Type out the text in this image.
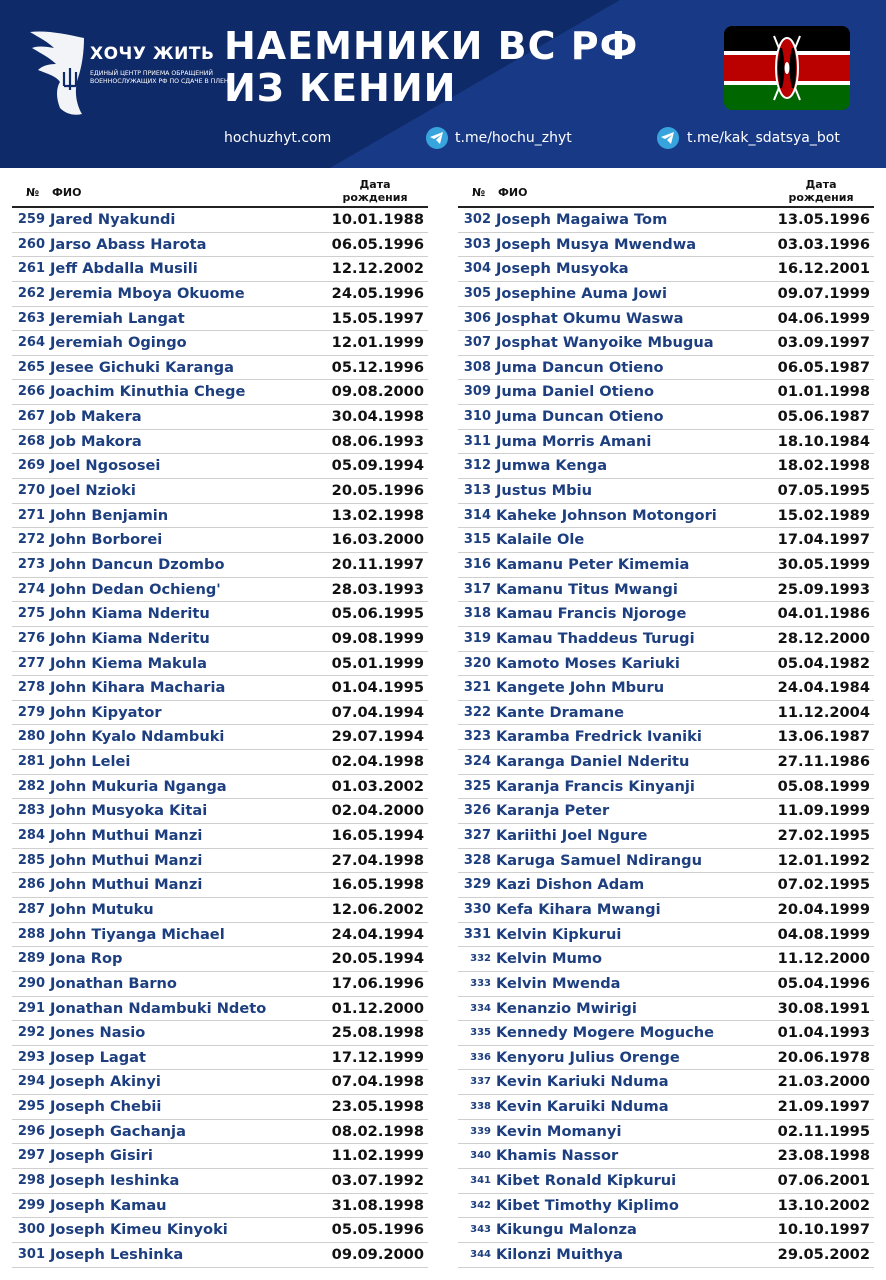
ХОЧУ ЖИТЬ
ЕДИНЫЙ ЦЕНТР ПРИЕМА ОБРАЩЕНИЙ ВОЕННОСЛУЖАЩИХ РФ ПО СДАЧЕ В ПЛЕН
НАЕМНИКИ ВС РФ
ИЗ КЕНИИ
hochuzhyt.com	t.me/hochu_zhyt	t.me/kak_sdatsya_bot
№ ФИО
Дата рождения
259 Jared Nyakundi	10.01.1988
260 Jarso Abass Harota	06.05.1996
261 Jeff Abdalla Musili	12.12.2002
262 Jeremia Mboya Okuome	24.05.1996
263 Jeremiah Langat	15.05.1997
264 Jeremiah Ogingo	12.01.1999
265 Jesee Gichuki Karanga	05.12.1996
266 Joachim Kinuthia Chege	09.08.2000
267 Job Makera	30.04.1998
268 Job Makora	08.06.1993
269 Joel Ngososei	05.09.1994
270 Joel Nzioki	20.05.1996
271 John Benjamin	13.02.1998
272 John Borborei	16.03.2000
273 John Dancun Dzombo	20.11.1997
274 John Dedan Ochieng'	28.03.1993
275 John Kiama Nderitu	05.06.1995
276 John Kiama Nderitu	09.08.1999
277 John Kiema Makula	05.01.1999
278 John Kihara Macharia	01.04.1995
279 John Kipyator	07.04.1994
280 John Kyalo Ndambuki	29.07.1994
281 John Lelei	02.04.1998
282 John Mukuria Nganga	01.03.2002
283 John Musyoka Kitai	02.04.2000
284 John Muthui Manzi	16.05.1994
285 John Muthui Manzi	27.04.1998
286 John Muthui Manzi	16.05.1998
287 John Mutuku	12.06.2002
288 John Tiyanga Michael	24.04.1994
289 Jona Rop	20.05.1994
290 Jonathan Barno	17.06.1996
291 Jonathan Ndambuki Ndeto	01.12.2000
292 Jones Nasio	25.08.1998
293 Josep Lagat	17.12.1999
294 Joseph Akinyi	07.04.1998
295 Joseph Chebii	23.05.1998
296 Joseph Gachanja	08.02.1998
297 Joseph Gisiri	11.02.1999
298 Joseph Ieshinka	03.07.1992
299 Joseph Kamau	31.08.1998
300 Joseph Kimeu Kinyoki	05.05.1996
301 Joseph Leshinka	09.09.2000
№ ФИО
Дата рождения
302 Joseph Magaiwa Tom	13.05.1996
303 Joseph Musya Mwendwa	03.03.1996
304 Joseph Musyoka	16.12.2001
305 Josephine Auma Jowi	09.07.1999
306 Josphat Okumu Waswa	04.06.1999
307 Josphat Wanyoike Mbugua	03.09.1997
308 Juma Dancun Otieno	06.05.1987
309 Juma Daniel Otieno	01.01.1998
310 Juma Duncan Otieno	05.06.1987
311 Juma Morris Amani	18.10.1984
312 Jumwa Kenga	18.02.1998
313 Justus Mbiu	07.05.1995
314 Kaheke Johnson Motongori	15.02.1989
315 Kalaile Ole	17.04.1997
316 Kamanu Peter Kimemia	30.05.1999
317 Kamanu Titus Mwangi	25.09.1993
318 Kamau Francis Njoroge	04.01.1986
319 Kamau Thaddeus Turugi	28.12.2000
320 Kamoto Moses Kariuki	05.04.1982
321 Kangete John Mburu	24.04.1984
322 Kante Dramane	11.12.2004
323 Karamba Fredrick Ivaniki	13.06.1987
324 Karanga Daniel Nderitu	27.11.1986
325 Karanja Francis Kinyanji	05.08.1999
326 Karanja Peter	11.09.1999
327 Kariithi Joel Ngure	27.02.1995
328 Karuga Samuel Ndirangu	12.01.1992
329 Kazi Dishon Adam	07.02.1995
330 Kefa Kihara Mwangi	20.04.1999
331 Kelvin Kipkurui	04.08.1999
332 Kelvin Mumo	11.12.2000
333 Kelvin Mwenda	05.04.1996
334 Kenanzio Mwirigi	30.08.1991
335 Kennedy Mogere Moguche	01.04.1993
336 Kenyoru Julius Orenge	20.06.1978
337 Kevin Kariuki Nduma	21.03.2000
338 Kevin Karuiki Nduma	21.09.1997
339 Kevin Momanyi	02.11.1995
340 Khamis Nassor	23.08.1998
341 Kibet Ronald Kipkurui	07.06.2001
342 Kibet Timothy Kiplimo	13.10.2002
343 Kikungu Malonza	10.10.1997
344 Kilonzi Muithya	29.05.2002
